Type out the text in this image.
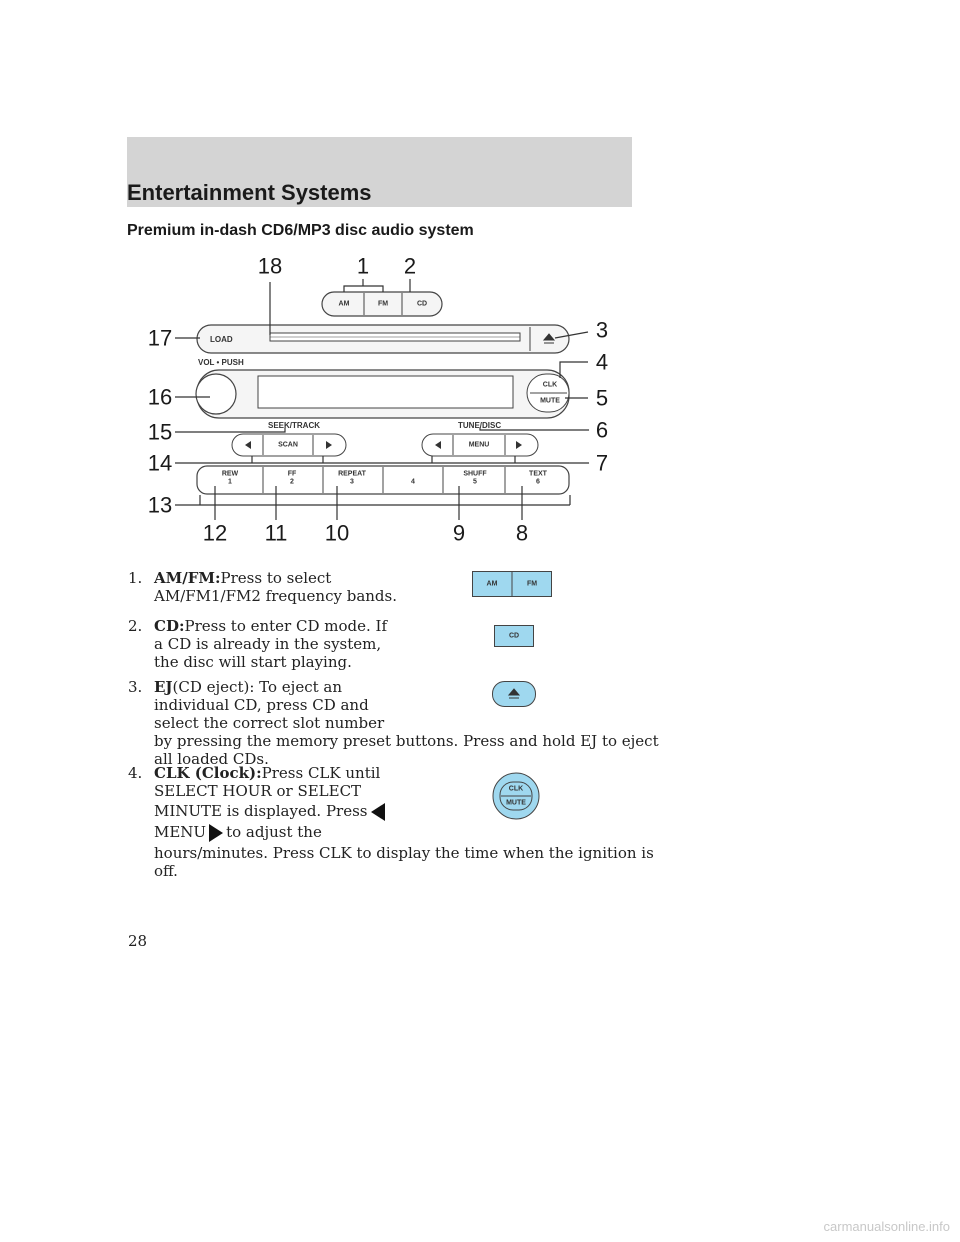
Entertainment Systems
Premium in-dash CD6/MP3 disc audio system
AM	FM	CD
LOAD
VOL • PUSH
CLK
MUTE
SEEK/TRACK
SCAN
TUNE/DISC
MENU
REW
1
FF
2
REPEAT
3	4
SHUFF
5
TEXT
6
1 2
3
4
5
6
7
8
9
10
11
12
13
14
15
16
17
18
1. AM/FM:Press to select
AM/FM1/FM2 frequency bands.
AM	FM
2. CD:Press to enter CD mode. If
a CD is already in the system,
the disc will start playing.
CD
3. EJ(CD eject): To eject an
individual CD, press CD and
select the correct slot number
by pressing the memory preset buttons. Press and hold EJ to eject
all loaded CDs.
4. CLK (Clock):Press CLK until
SELECT HOUR or SELECT
MINUTE is displayed. Press
MENU to adjust the
hours/minutes. Press CLK to display the time when the ignition is
off.
CLK
MUTE
28
carmanualsonline.info
